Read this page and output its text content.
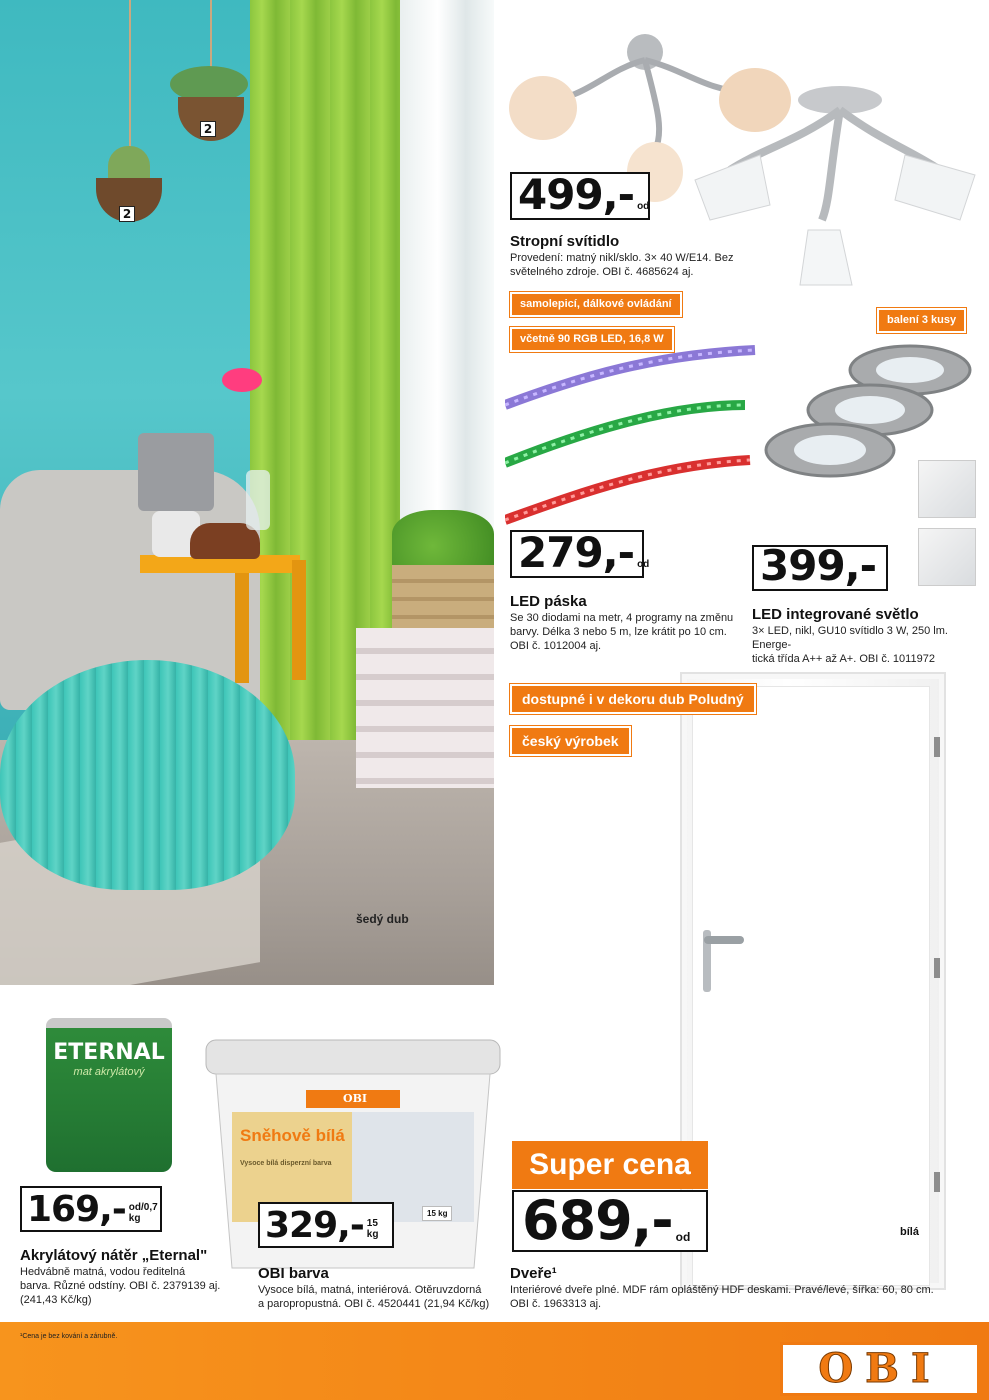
2
2
šedý dub
499,- od
Stropní svítidlo
Provedení: matný nikl/sklo. 3× 40 W/E14. Bez
světelného zdroje. OBI č. 4685624 aj.
samolepicí, dálkové ovládání
včetně 90 RGB LED, 16,8 W
279,- od
LED páska
Se 30 diodami na metr, 4 programy na změnu
barvy. Délka 3 nebo 5 m, lze krátit po 10 cm.
OBI č. 1012004 aj.
balení 3 kusy
399,-
LED integrované světlo
3× LED, nikl, GU10 svítidlo 3 W, 250 lm. Energe-
tická třída A++ až A+. OBI č. 1011972
dostupné i v dekoru dub Poludný
český výrobek
bílá
Super cena
689,- od
Dveře¹
Interiérové dveře plné. MDF rám opláštěný HDF deskami. Pravé/levé, šířka: 60, 80 cm.
OBI č. 1963313 aj.
ETERNAL
mat akrylátový
169,- od/0,7 kg
Akrylátový nátěr „Eternal"
Hedvábně matná, vodou ředitelná
barva. Různé odstíny. OBI č. 2379139 aj.
(241,43 Kč/kg)
OBI
Sněhově bílá
Vysoce bílá disperzní barva
15 kg
329,- 15 kg
OBI barva
Vysoce bílá, matná, interiérová. Otěruvzdorná
a paropropustná. OBI č. 4520441 (21,94 Kč/kg)
¹Cena je bez kování a zárubně.
OBI
